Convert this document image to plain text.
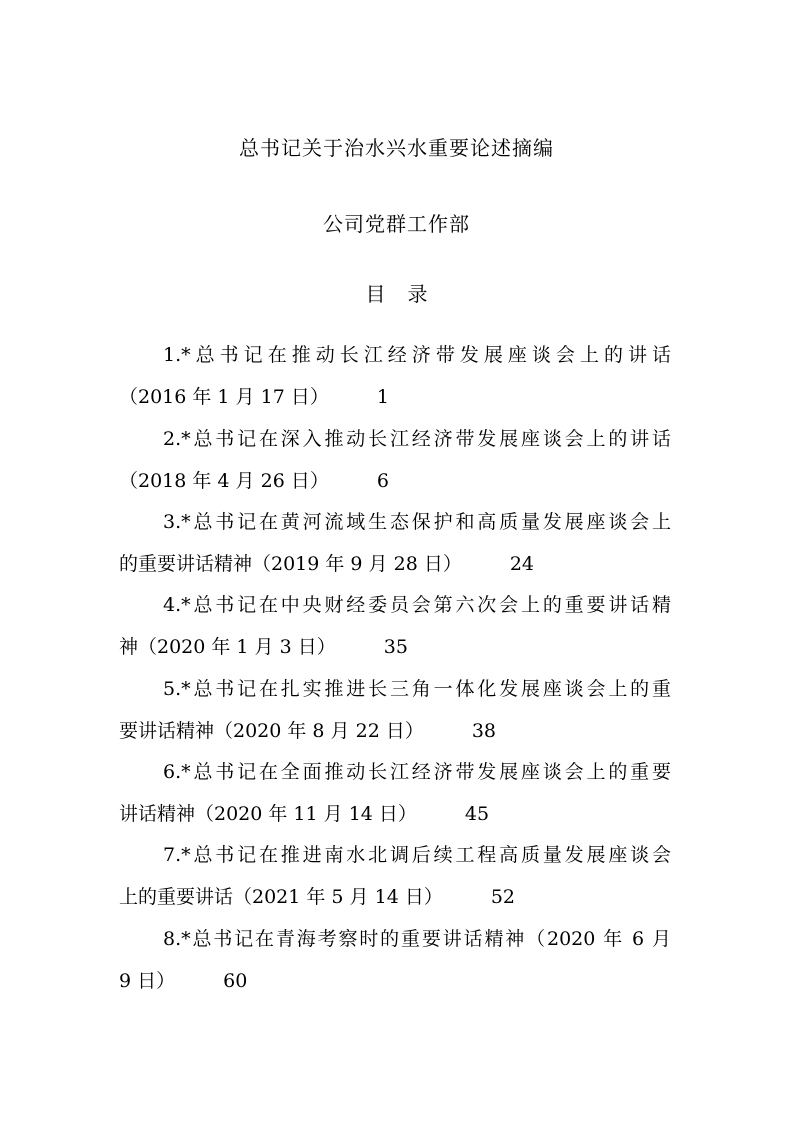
总书记关于治水兴水重要论述摘编
公司党群工作部
目 录
1.*总书记在推动长江经济带发展座谈会上的讲话
（2016 年 1 月 17 日）	1
2.*总书记在深入推动长江经济带发展座谈会上的讲话
（2018 年 4 月 26 日）	6
3.*总书记在黄河流域生态保护和高质量发展座谈会上
的重要讲话精神（2019 年 9 月 28 日）	24
4.*总书记在中央财经委员会第六次会上的重要讲话精
神（2020 年 1 月 3 日）	35
5.*总书记在扎实推进长三角一体化发展座谈会上的重
要讲话精神（2020 年 8 月 22 日）	38
6.*总书记在全面推动长江经济带发展座谈会上的重要
讲话精神（2020 年 11 月 14 日）	45
7.*总书记在推进南水北调后续工程高质量发展座谈会
上的重要讲话（2021 年 5 月 14 日）	52
8.*总书记在青海考察时的重要讲话精神（2020 年 6 月
9 日）	60
